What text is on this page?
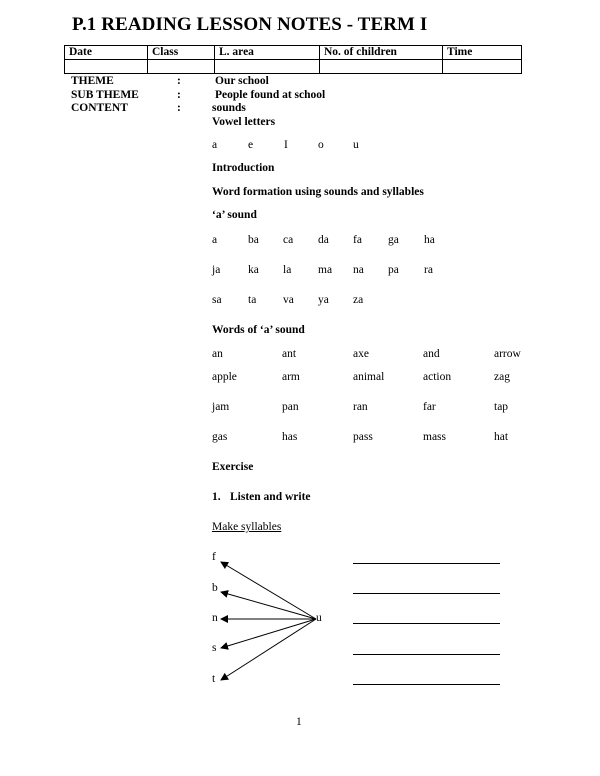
P.1 READING LESSON NOTES - TERM I
Date	Class	L. area	No. of children	Time

THEME	:	Our school
SUB THEME	:	People found at school
CONTENT	:	sounds
Vowel letters
a	e	I	o	u
Introduction
Word formation using sounds and syllables
‘a’ sound
a	ba ca da fa ga ha
ja ka la ma na pa ra
sa ta va ya za
Words of ‘a’ sound
an	ant	axe	and	arrow
apple	arm	animal	action	zag
jam	pan	ran	far	tap
gas	has	pass	mass	hat
Exercise
1. Listen and write
Make syllables
f
b
n
s
t
u
1
